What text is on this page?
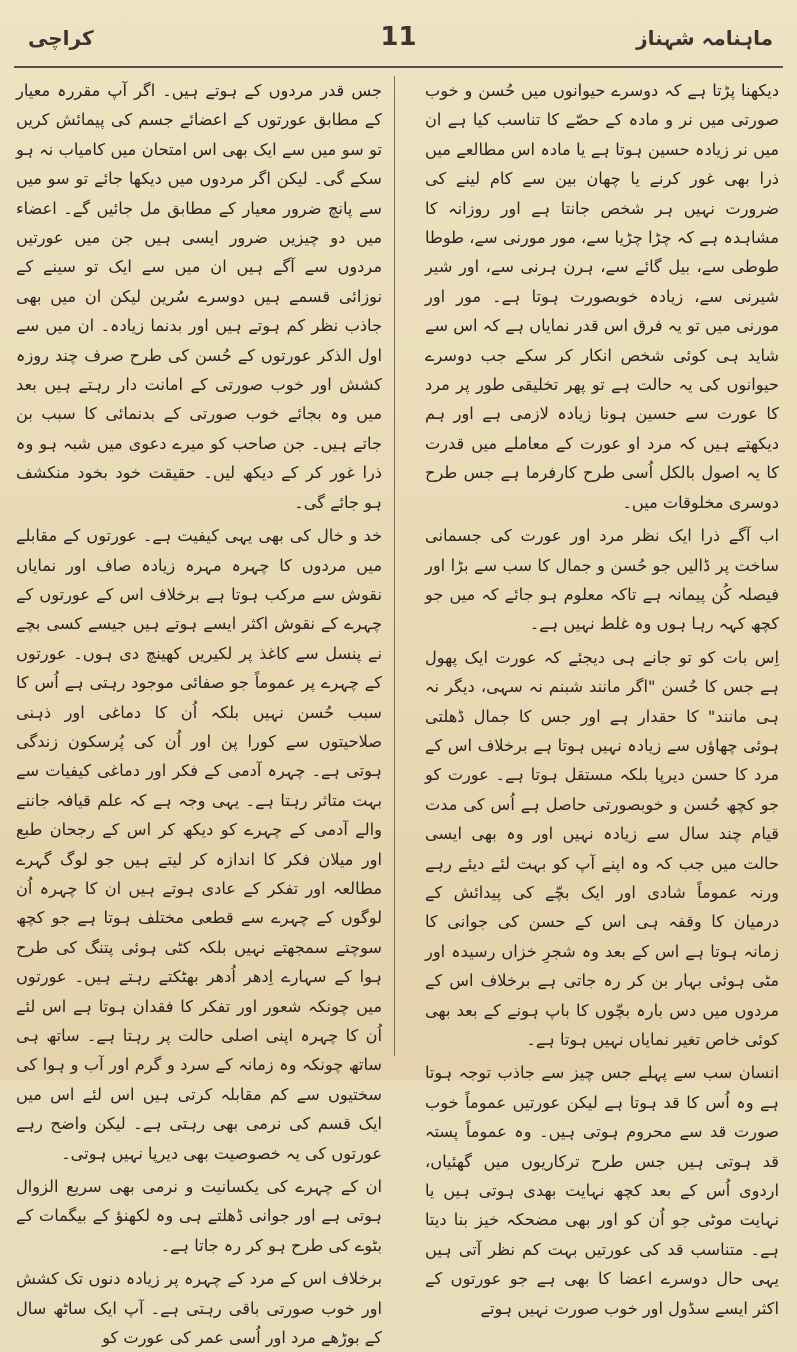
ماہنامہ شہناز
11
کراچی

دیکھنا پڑتا ہے کہ دوسرے حیوانوں میں حُسن و خوب صورتی میں نر و مادہ کے حصّے کا تناسب کیا ہے ان میں نر زیادہ حسین ہوتا ہے یا مادہ اس مطالعے میں ذرا بھی غور کرنے یا چھان بین سے کام لینے کی ضرورت نہیں ہر شخص جانتا ہے اور روزانہ کا مشاہدہ ہے کہ چڑا چڑیا سے، مور مورنی سے، طوطا طوطی سے، بیل گائے سے، ہرن ہرنی سے، اور شیر شیرنی سے، زیادہ خوبصورت ہوتا ہے۔ مور اور مورنی میں تو یہ فرق اس قدر نمایاں ہے کہ اس سے شاید ہی کوئی شخص انکار کر سکے جب دوسرے حیوانوں کی یہ حالت ہے تو پھر تخلیقی طور پر مرد کا عورت سے حسین ہونا زیادہ لازمی ہے اور ہم دیکھتے ہیں کہ مرد او عورت کے معاملے میں قدرت کا یہ اصول بالکل اُسی طرح کارفرما ہے جس طرح دوسری مخلوقات میں۔

اب آگے ذرا ایک نظر مرد اور عورت کی جسمانی ساخت پر ڈالیں جو حُسن و جمال کا سب سے بڑا اور فیصلہ کُن پیمانہ ہے تاکہ معلوم ہو جائے کہ میں جو کچھ کہہ رہا ہوں وہ غلط نہیں ہے۔

اِس بات کو تو جانے ہی دیجئے کہ عورت ایک پھول ہے جس کا حُسن "اگر مانند شبنم نہ سہی، دیگر نہ ہی مانند" کا حقدار ہے اور جس کا جمال ڈھلتی ہوئی چھاؤں سے زیادہ نہیں ہوتا ہے برخلاف اس کے مرد کا حسن دیرپا بلکہ مستقل ہوتا ہے۔ عورت کو جو کچھ حُسن و خوبصورتی حاصل ہے اُس کی مدت قیام چند سال سے زیادہ نہیں اور وہ بھی ایسی حالت میں جب کہ وہ اپنے آپ کو بہت لئے دیئے رہے ورنہ عموماً شادی اور ایک بچّے کی پیدائش کے درمیان کا وقفہ ہی اس کے حسن کی جوانی کا زمانہ ہوتا ہے اس کے بعد وہ شجرِ خزاں رسیدہ اور مٹی ہوئی بہار بن کر رہ جاتی ہے برخلاف اس کے مردوں میں دس بارہ بچّوں کا باپ ہونے کے بعد بھی کوئی خاص تغیر نمایاں نہیں ہوتا ہے۔

انسان سب سے پہلے جس چیز سے جاذب توجہ ہوتا ہے وہ اُس کا قد ہوتا ہے لیکن عورتیں عموماً خوب صورت قد سے محروم ہوتی ہیں۔ وہ عموماً پستہ قد ہوتی ہیں جس طرح ترکاریوں میں گھئیاں، اردوی اُس کے بعد کچھ نہایت بھدی ہوتی ہیں یا نہایت موٹی جو اُن کو اور بھی مضحکہ خیز بنا دیتا ہے۔ متناسب قد کی عورتیں بہت کم نظر آتی ہیں یہی حال دوسرے اعضا کا بھی ہے جو عورتوں کے اکثر ایسے سڈول اور خوب صورت نہیں ہوتے

جس قدر مردوں کے ہوتے ہیں۔ اگر آپ مقررہ معیار کے مطابق عورتوں کے اعضائے جسم کی پیمائش کریں تو سو میں سے ایک بھی اس امتحان میں کامیاب نہ ہو سکے گی۔ لیکن اگر مردوں میں دیکھا جائے تو سو میں سے پانچ ضرور معیار کے مطابق مل جائیں گے۔ اعضاء میں دو چیزیں ضرور ایسی ہیں جن میں عورتیں مردوں سے آگے ہیں ان میں سے ایک تو سینے کے نوزائی قسمے ہیں دوسرے سُرین لیکن ان میں بھی جاذب نظر کم ہوتے ہیں اور بدنما زیادہ۔ ان میں سے اول الذکر عورتوں کے حُسن کی طرح صرف چند روزہ کشش اور خوب صورتی کے امانت دار رہتے ہیں بعد میں وہ بجائے خوب صورتی کے بدنمائی کا سبب بن جاتے ہیں۔ جن صاحب کو میرے دعوی میں شبہ ہو وہ ذرا غور کر کے دیکھ لیں۔ حقیقت خود بخود منکشف ہو جائے گی۔

خد و خال کی بھی یہی کیفیت ہے۔ عورتوں کے مقابلے میں مردوں کا چہرہ مہرہ زیادہ صاف اور نمایاں نقوش سے مرکب ہوتا ہے برخلاف اس کے عورتوں کے چہرے کے نقوش اکثر ایسے ہوتے ہیں جیسے کسی بچے نے پنسل سے کاغذ پر لکیریں کھینچ دی ہوں۔ عورتوں کے چہرے پر عموماً جو صفائی موجود رہتی ہے اُس کا سبب حُسن نہیں بلکہ اُن کا دماغی اور ذہنی صلاحیتوں سے کورا پن اور اُن کی پُرسکون زندگی ہوتی ہے۔ چہرہ آدمی کے فکر اور دماغی کیفیات سے بہت متاثر رہتا ہے۔ یہی وجہ ہے کہ علم قیافہ جاننے والے آدمی کے چہرے کو دیکھ کر اس کے رجحان طبع اور میلان فکر کا اندازہ کر لیتے ہیں جو لوگ گہرے مطالعہ اور تفکر کے عادی ہوتے ہیں ان کا چہرہ اُن لوگوں کے چہرے سے قطعی مختلف ہوتا ہے جو کچھ سوچتے سمجھتے نہیں بلکہ کٹی ہوئی پتنگ کی طرح ہوا کے سہارے اِدھر اُدھر بھٹکتے رہتے ہیں۔ عورتوں میں چونکہ شعور اور تفکر کا فقدان ہوتا ہے اس لئے اُن کا چہرہ اپنی اصلی حالت پر رہتا ہے۔ ساتھ ہی ساتھ چونکہ وہ زمانہ کے سرد و گرم اور آب و ہوا کی سختیوں سے کم مقابلہ کرتی ہیں اس لئے اس میں ایک قسم کی نرمی بھی رہتی ہے۔ لیکن واضح رہے عورتوں کی یہ خصوصیت بھی دیرپا نہیں ہوتی۔

ان کے چہرے کی یکسانیت و نرمی بھی سریع الزوال ہوتی ہے اور جوانی ڈھلتے ہی وہ لکھنؤ کے بیگمات کے بٹوے کی طرح ہو کر رہ جاتا ہے۔

برخلاف اس کے مرد کے چہرہ پر زیادہ دنوں تک کشش اور خوب صورتی باقی رہتی ہے۔ آپ ایک ساٹھ سال کے بوڑھے مرد اور اُسی عمر کی عورت کو
